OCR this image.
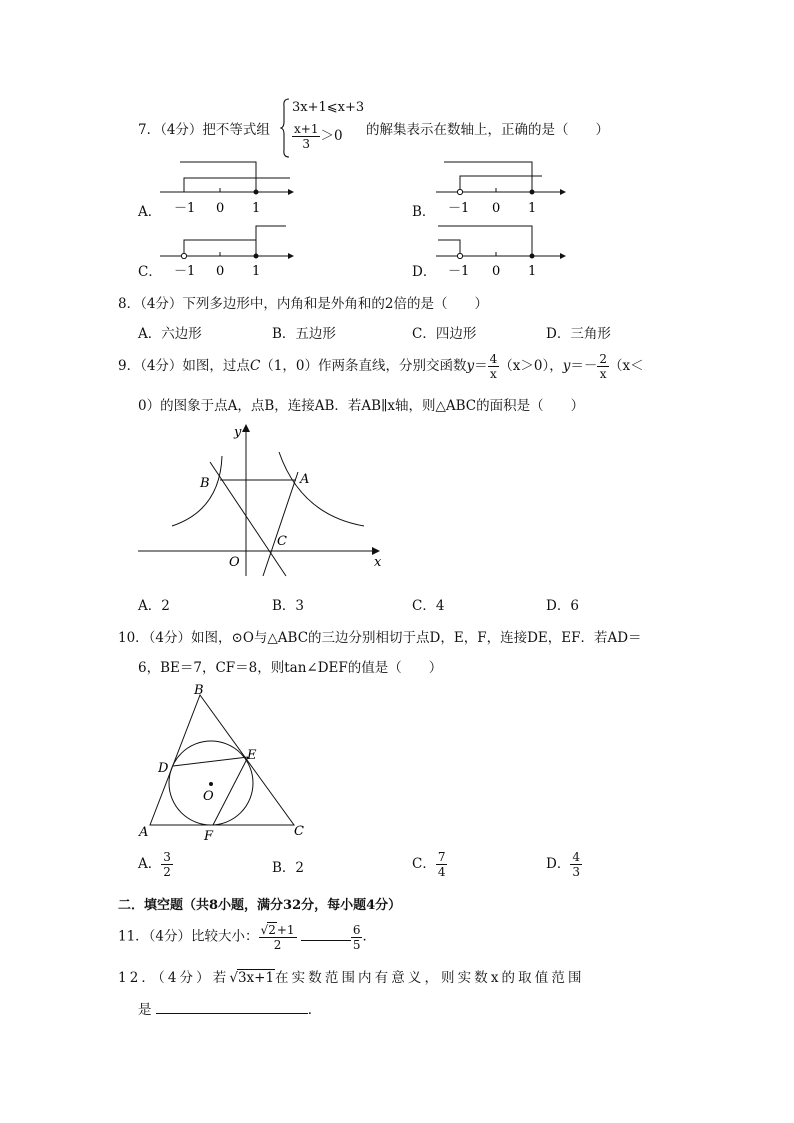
7．（4分）把不等式组
3x+1⩽x+3
$\frac{x+1}{3} >0$ 的解集表示在数轴上，正确的是（　　）
A． －1 0 1	B． －1 0 1
C． －1 0 1	D． －1 0 1
8．（4分）下列多边形中，内角和是外角和的2倍的是（　　）
A．六边形	B．五边形	C．四边形	D．三角形
9．（4分）如图，过点C（1，0）作两条直线，分别交函数$y= \frac{4}{x} (x>0)$，$y=- \frac{2}{x} (x<$
0）的图象于点A，点B，连接AB．若AB∥x轴，则△ABC的面积是（　　）
y
B	A
C
O	x
A．2	B．3	C．4	D．6
10．（4分）如图，⊙O与△ABC的三边分别相切于点D，E，F，连接DE，EF．若AD＝
6，BE＝7，CF＝8，则tan∠DEF的值是（　　）
B
D
E
O
A	F	C
A． $\frac{3}{2}$	B．2	C． $\frac{7}{4}$	D． $\frac{4}{3}$
二．填空题（共8小题，满分32分，每小题4分）
11．（4分）比较大小： $\frac{√2+1}{2}$
	$\frac{6}{5}$ ．
12．（4分）若√3x+1在实数范围内有意义，则实数x的取值范围
是	．
